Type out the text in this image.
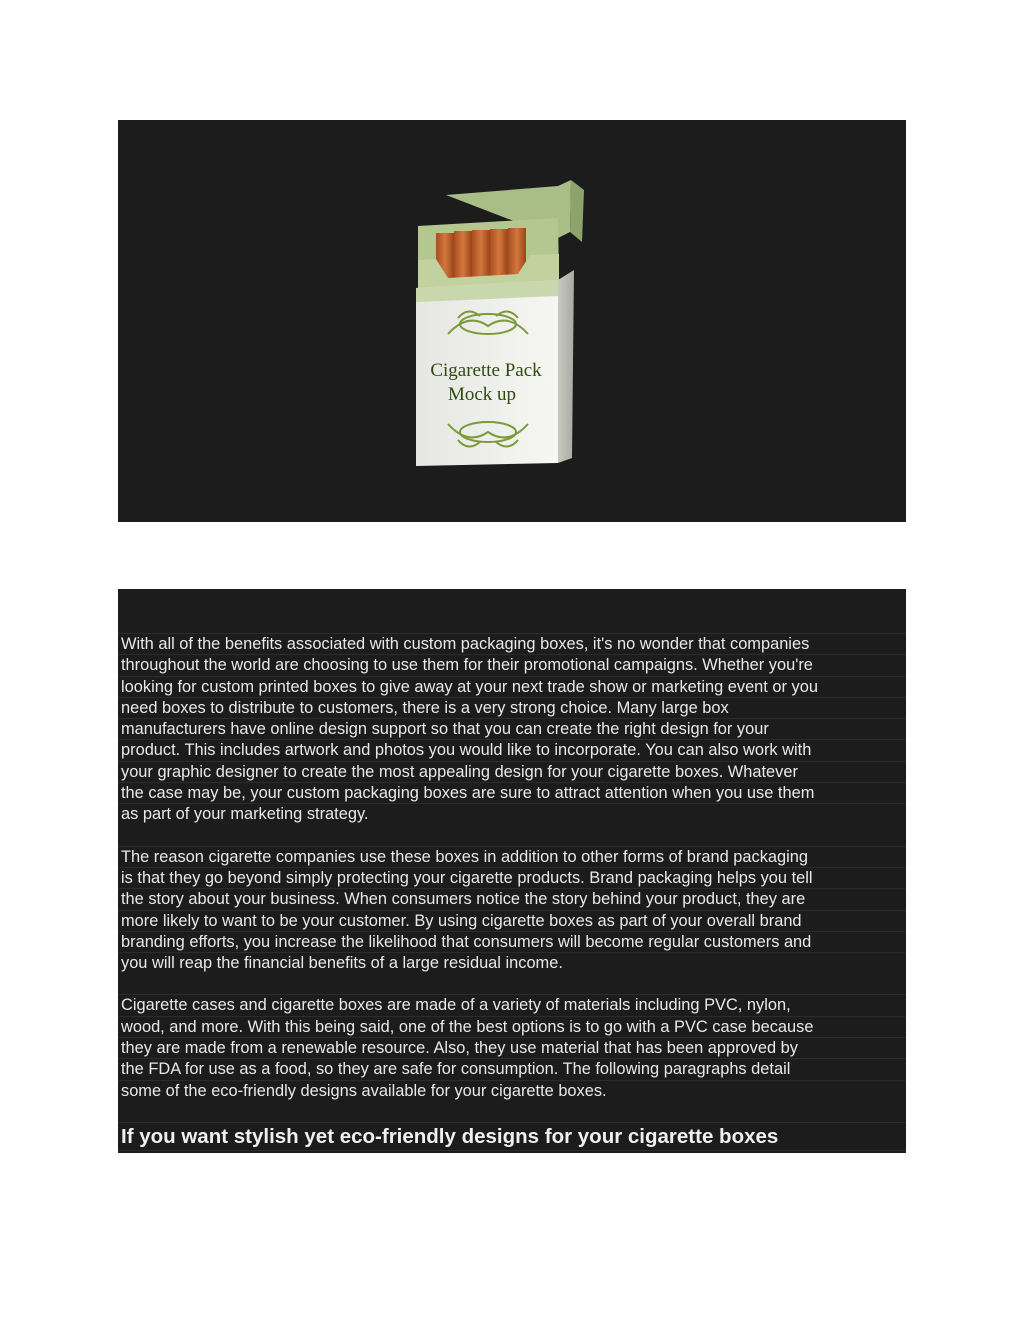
Cigarette Pack
Mock up
With all of the benefits associated with custom packaging boxes, it's no wonder that companies
throughout the world are choosing to use them for their promotional campaigns. Whether you're
looking for custom printed boxes to give away at your next trade show or marketing event or you
need boxes to distribute to customers, there is a very strong choice. Many large box
manufacturers have online design support so that you can create the right design for your
product. This includes artwork and photos you would like to incorporate. You can also work with
your graphic designer to create the most appealing design for your cigarette boxes. Whatever
the case may be, your custom packaging boxes are sure to attract attention when you use them
as part of your marketing strategy.
The reason cigarette companies use these boxes in addition to other forms of brand packaging
is that they go beyond simply protecting your cigarette products. Brand packaging helps you tell
the story about your business. When consumers notice the story behind your product, they are
more likely to want to be your customer. By using cigarette boxes as part of your overall brand
branding efforts, you increase the likelihood that consumers will become regular customers and
you will reap the financial benefits of a large residual income.
Cigarette cases and cigarette boxes are made of a variety of materials including PVC, nylon,
wood, and more. With this being said, one of the best options is to go with a PVC case because
they are made from a renewable resource. Also, they use material that has been approved by
the FDA for use as a food, so they are safe for consumption. The following paragraphs detail
some of the eco-friendly designs available for your cigarette boxes.
If you want stylish yet eco-friendly designs for your cigarette boxes
